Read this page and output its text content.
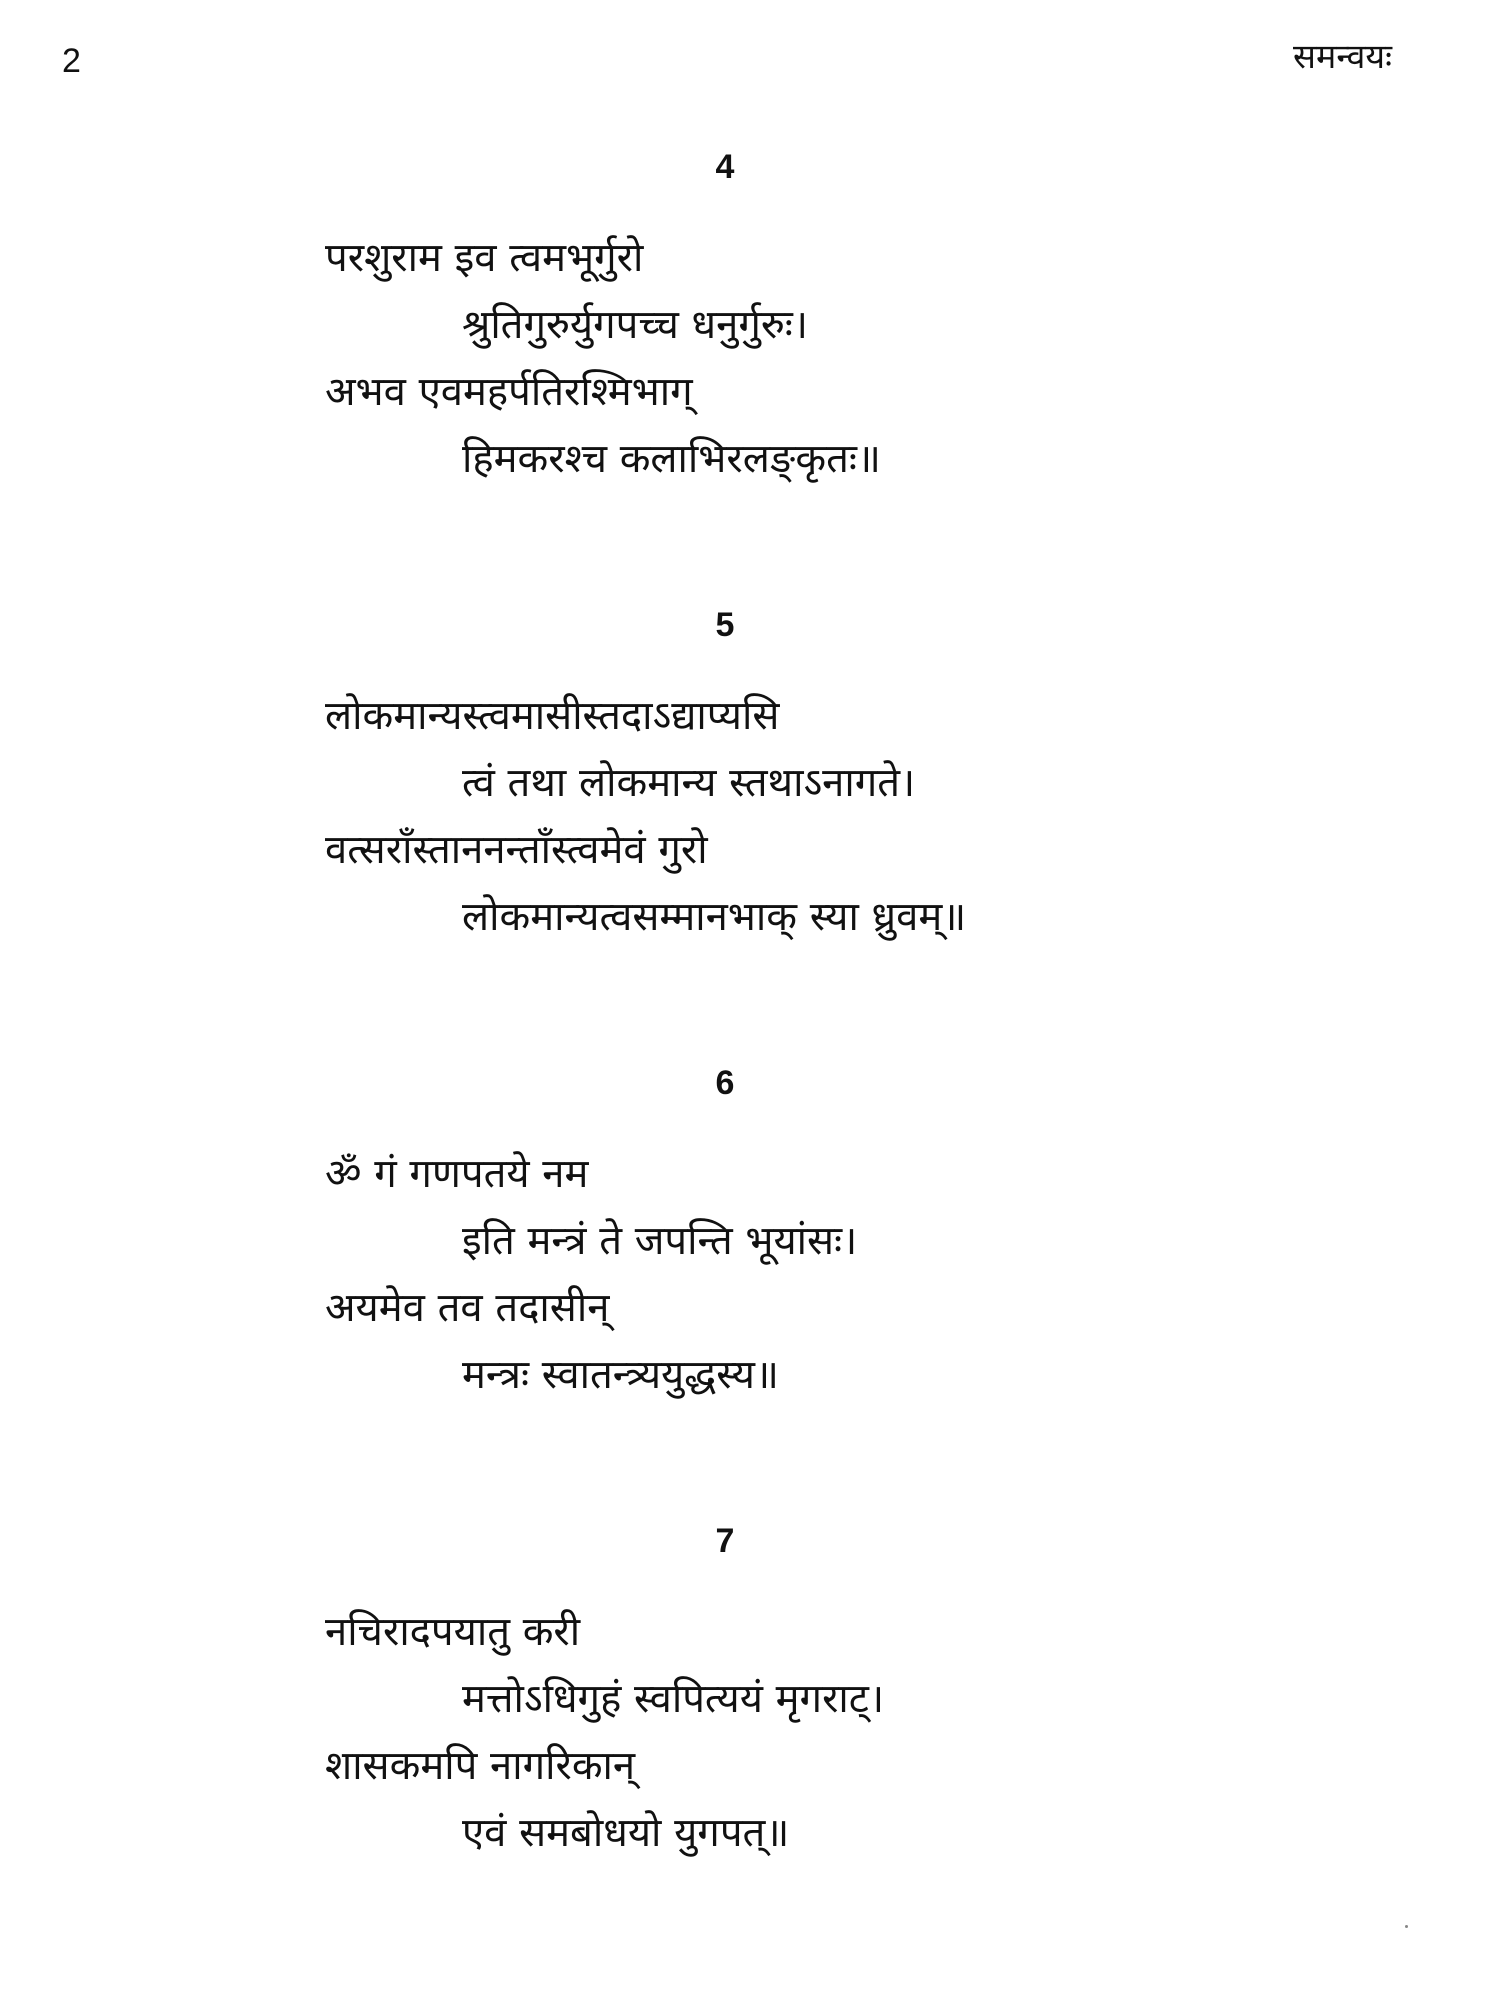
2	समन्वयः
4
परशुराम इव त्वमभूर्गुरो
श्रुतिगुरुर्युगपच्च धनुर्गुरुः।
अभव एवमहर्पतिरश्मिभाग्
हिमकरश्च कलाभिरलङ्कृतः॥
5
लोकमान्यस्त्वमासीस्तदाऽद्याप्यसि
त्वं तथा लोकमान्य स्तथाऽनागते।
वत्सराँस्ताननन्ताँस्त्वमेवं गुरो
लोकमान्यत्वसम्मानभाक् स्या ध्रुवम्॥
6
ॐ गं गणपतये नम
इति मन्त्रं ते जपन्ति भूयांसः।
अयमेव तव तदासीन्
मन्त्रः स्वातन्त्र्ययुद्धस्य॥
7
नचिरादपयातु करी
मत्तोऽधिगुहं स्वपित्ययं मृगराट्।
शासकमपि नागरिकान्
एवं समबोधयो युगपत्॥
